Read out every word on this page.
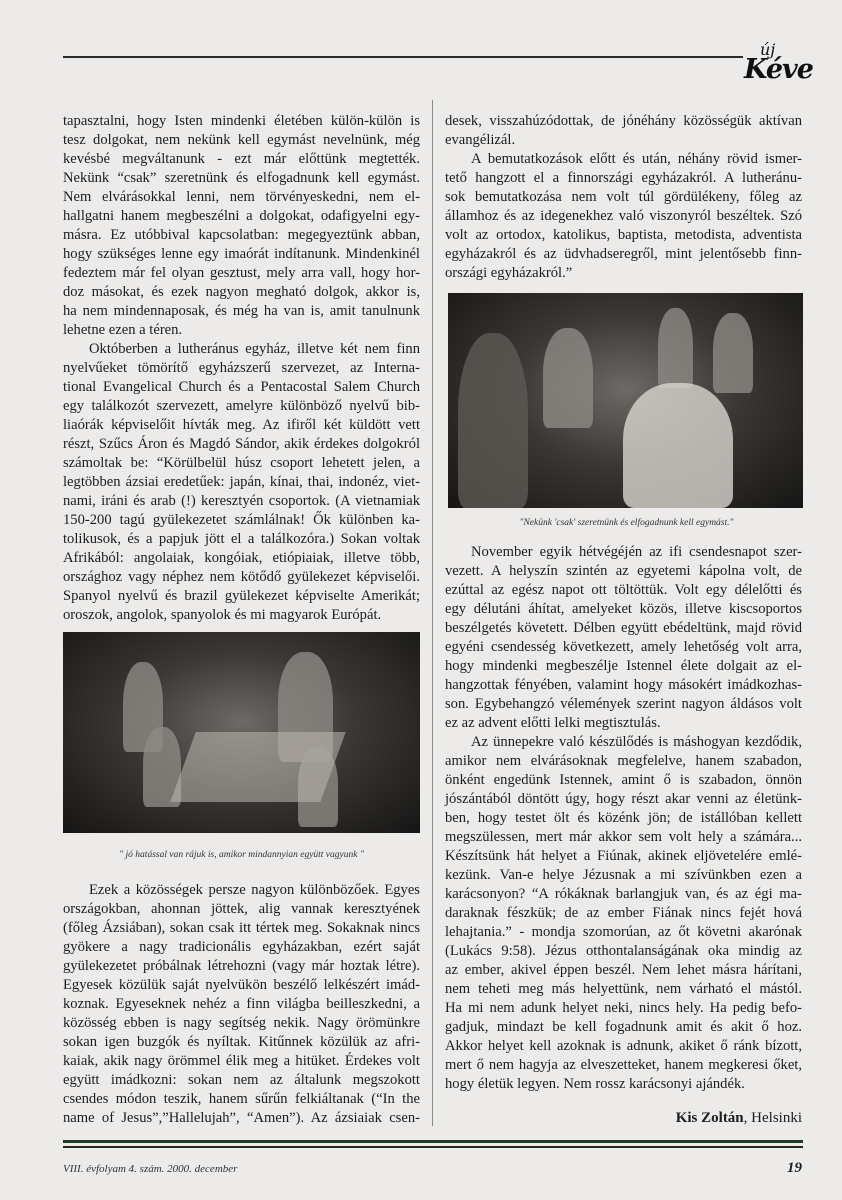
új
Kéve
tapasztalni, hogy Isten mindenki életében külön-külön is
tesz dolgokat, nem nekünk kell egymást nevelnünk, még
kevésbé megváltanunk - ezt már előttünk megtették.
Nekünk “csak” szeretnünk és elfogadnunk kell egymást.
Nem elvárásokkal lenni, nem törvényeskedni, nem el-
hallgatni hanem megbeszélni a dolgokat, odafigyelni egy-
másra. Ez utóbbival kapcsolatban: megegyeztünk abban,
hogy szükséges lenne egy imaórát indítanunk. Mindenkinél
fedeztem már fel olyan gesztust, mely arra vall, hogy hor-
doz másokat, és ezek nagyon megható dolgok, akkor is,
ha nem mindennaposak, és még ha van is, amit tanulnunk
lehetne ezen a téren.
Októberben a lutheránus egyház, illetve két nem finn
nyelvűeket tömörítő egyházszerű szervezet, az Interna-
tional Evangelical Church és a Pentacostal Salem Church
egy találkozót szervezett, amelyre különböző nyelvű bib-
liaórák képviselőit hívták meg. Az ifiről két küldött vett
részt, Szűcs Áron és Magdó Sándor, akik érdekes dolgokról
számoltak be: “Körülbelül húsz csoport lehetett jelen, a
legtöbben ázsiai eredetűek: japán, kínai, thai, indonéz, viet-
nami, iráni és arab (!) keresztyén csoportok. (A vietnamiak
150-200 tagú gyülekezetet számlálnak! Ők különben ka-
tolikusok, és a papjuk jött el a találkozóra.) Sokan voltak
Afrikából: angolaiak, kongóiak, etiópiaiak, illetve több,
országhoz vagy néphez nem kötődő gyülekezet képviselői.
Spanyol nyelvű és brazil gyülekezet képviselte Amerikát;
oroszok, angolok, spanyolok és mi magyarok Európát.
" jó hatással van rájuk is, amikor mindannyian együtt vagyunk "
Ezek a közösségek persze nagyon különbözőek. Egyes
országokban, ahonnan jöttek, alig vannak keresztyének
(főleg Ázsiában), sokan csak itt tértek meg. Sokaknak nincs
gyökere a nagy tradicionális egyházakban, ezért saját
gyülekezetet próbálnak létrehozni (vagy már hoztak létre).
Egyesek közülük saját nyelvükön beszélő lelkészért imád-
koznak. Egyeseknek nehéz a finn világba beilleszkedni, a
közösség ebben is nagy segítség nekik. Nagy örömünkre
sokan igen buzgók és nyíltak. Kitűnnek közülük az afri-
kaiak, akik nagy örömmel élik meg a hitüket. Érdekes volt
együtt imádkozni: sokan nem az általunk megszokott
csendes módon teszik, hanem sűrűn felkiáltanak (“In the
name of Jesus”,”Hallelujah”, “Amen”). Az ázsiaiak csen-
desek, visszahúzódottak, de jónéhány közösségük aktívan
evangélizál.
A bemutatkozások előtt és után, néhány rövid ismer-
tető hangzott el a finnországi egyházakról. A lutheránu-
sok bemutatkozása nem volt túl gördülékeny, főleg az
államhoz és az idegenekhez való viszonyról beszéltek. Szó
volt az ortodox, katolikus, baptista, metodista, adventista
egyházakról és az üdvhadseregről, mint jelentősebb finn-
országi egyházakról.”
"Nekünk 'csak' szeretnünk és elfogadnunk kell egymást."
November egyik hétvégéjén az ifi csendesnapot szer-
vezett. A helyszín szintén az egyetemi kápolna volt, de
ezúttal az egész napot ott töltöttük. Volt egy délelőtti és
egy délutáni áhítat, amelyeket közös, illetve kiscsoportos
beszélgetés követett. Délben együtt ebédeltünk, majd rövid
egyéni csendesség következett, amely lehetőség volt arra,
hogy mindenki megbeszélje Istennel élete dolgait az el-
hangzottak fényében, valamint hogy másokért imádkozhas-
son. Egybehangzó vélemények szerint nagyon áldásos volt
ez az advent előtti lelki megtisztulás.
Az ünnepekre való készülődés is máshogyan kezdődik,
amikor nem elvárásoknak megfelelve, hanem szabadon,
önként engedünk Istennek, amint ő is szabadon, önnön
jószántából döntött úgy, hogy részt akar venni az életünk-
ben, hogy testet ölt és közénk jön; de istállóban kellett
megszülessen, mert már akkor sem volt hely a számára...
Készítsünk hát helyet a Fiúnak, akinek eljövetelére emlé-
kezünk. Van-e helye Jézusnak a mi szívünkben ezen a
karácsonyon? “A rókáknak barlangjuk van, és az égi ma-
daraknak fészkük; de az ember Fiának nincs fejét hová
lehajtania.” - mondja szomorúan, az őt követni akarónak
(Lukács 9:58). Jézus otthontalanságának oka mindig az
az ember, akivel éppen beszél. Nem lehet másra hárítani,
nem teheti meg más helyettünk, nem várható el mástól.
Ha mi nem adunk helyet neki, nincs hely. Ha pedig befo-
gadjuk, mindazt be kell fogadnunk amit és akit ő hoz.
Akkor helyet kell azoknak is adnunk, akiket ő ránk bízott,
mert ő nem hagyja az elveszetteket, hanem megkeresi őket,
hogy életük legyen. Nem rossz karácsonyi ajándék.
Kis Zoltán, Helsinki
VIII. évfolyam 4. szám. 2000. december	19
